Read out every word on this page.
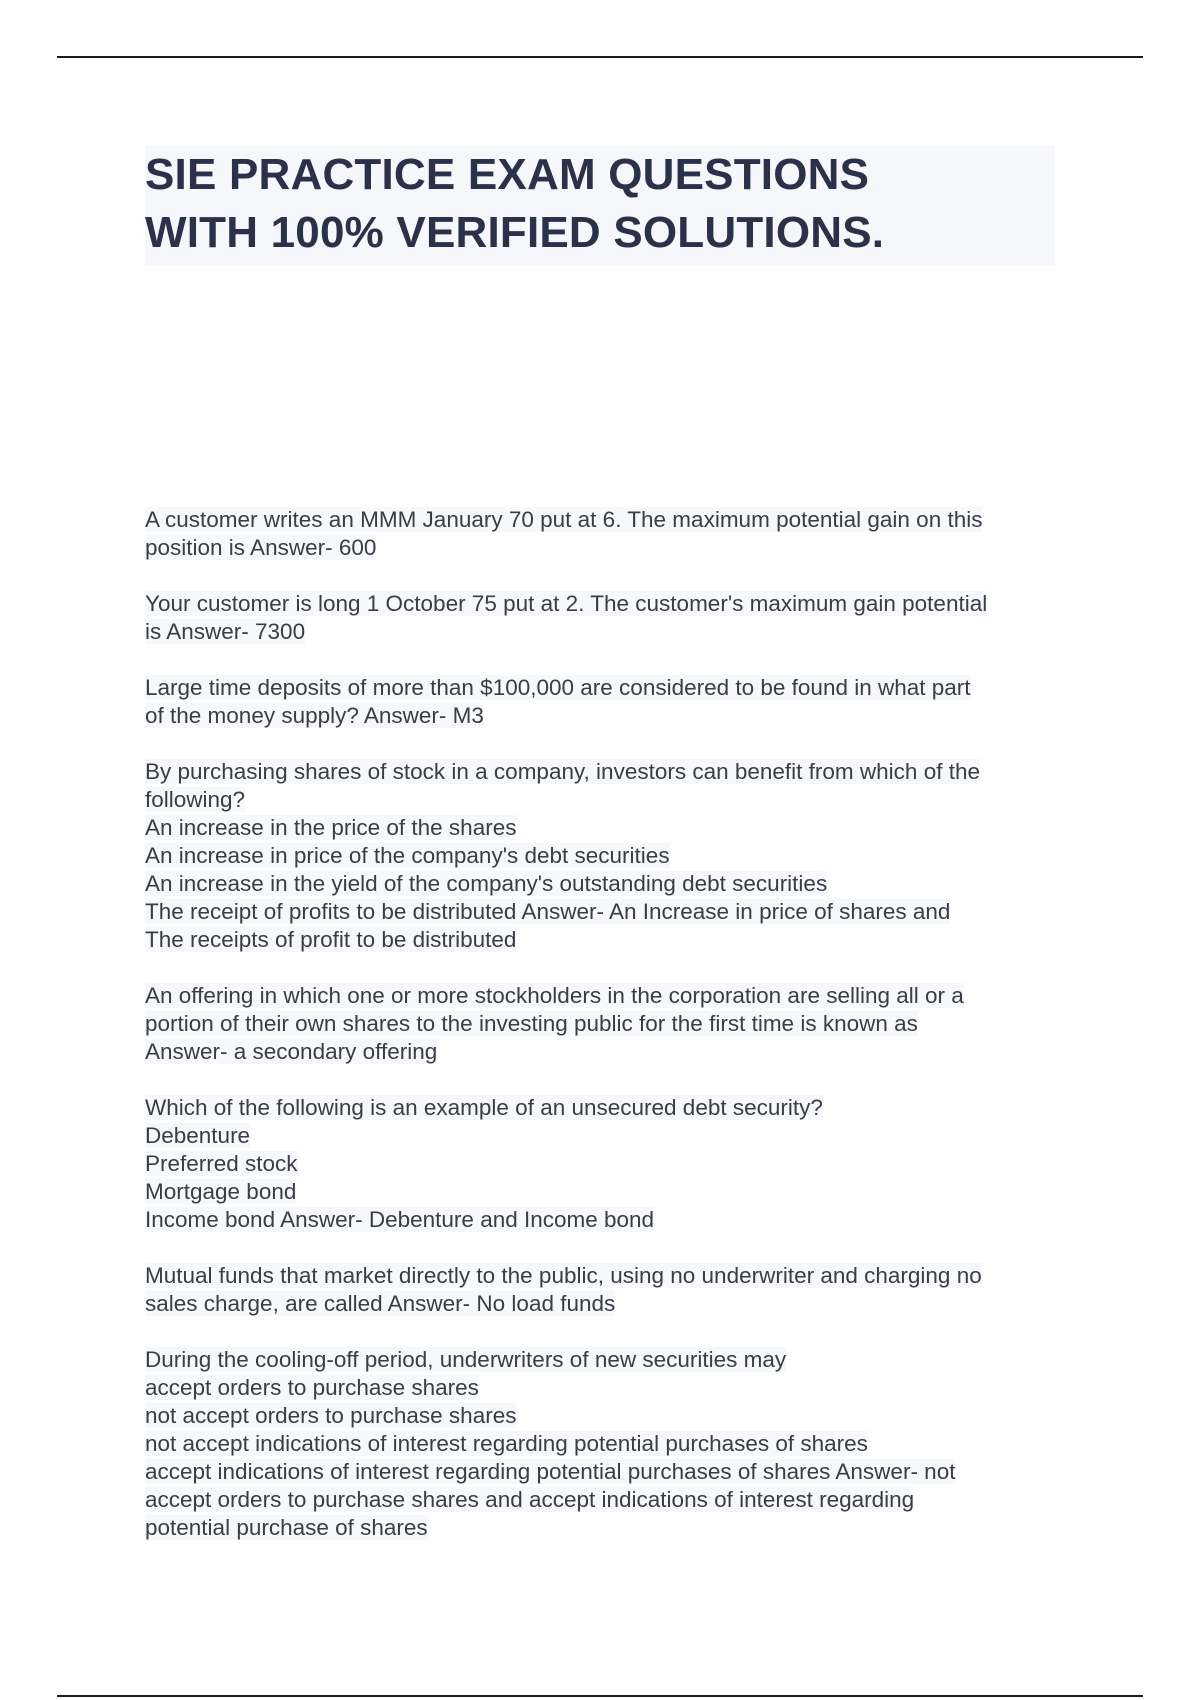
SIE PRACTICE EXAM QUESTIONS
WITH 100% VERIFIED SOLUTIONS.
A customer writes an MMM January 70 put at 6. The maximum potential gain on this
position is Answer- 600
Your customer is long 1 October 75 put at 2. The customer's maximum gain potential
is Answer- 7300
Large time deposits of more than $100,000 are considered to be found in what part
of the money supply? Answer- M3
By purchasing shares of stock in a company, investors can benefit from which of the
following?
An increase in the price of the shares
An increase in price of the company's debt securities
An increase in the yield of the company's outstanding debt securities
The receipt of profits to be distributed Answer- An Increase in price of shares and
The receipts of profit to be distributed
An offering in which one or more stockholders in the corporation are selling all or a
portion of their own shares to the investing public for the first time is known as
Answer- a secondary offering
Which of the following is an example of an unsecured debt security?
Debenture
Preferred stock
Mortgage bond
Income bond Answer- Debenture and Income bond
Mutual funds that market directly to the public, using no underwriter and charging no
sales charge, are called Answer- No load funds
During the cooling-off period, underwriters of new securities may
accept orders to purchase shares
not accept orders to purchase shares
not accept indications of interest regarding potential purchases of shares
accept indications of interest regarding potential purchases of shares Answer- not
accept orders to purchase shares and accept indications of interest regarding
potential purchase of shares
